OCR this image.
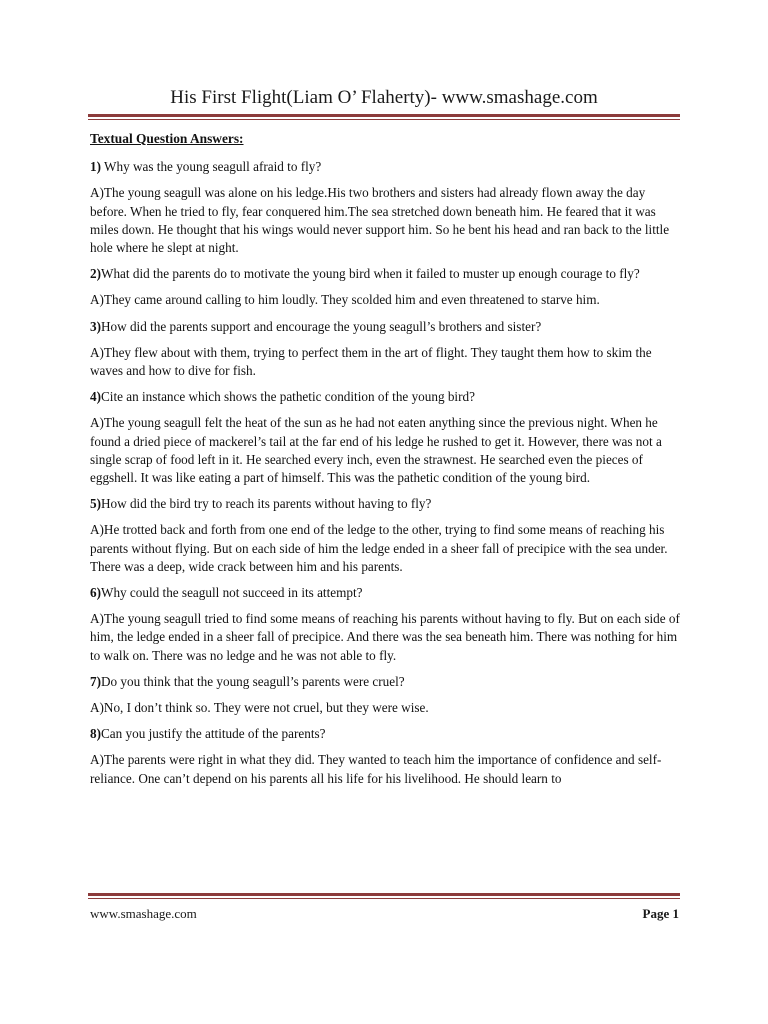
His First Flight(Liam O’ Flaherty)- www.smashage.com

Textual Question Answers:

1) Why was the young seagull afraid to fly?

A)The young seagull was alone on his ledge.His two brothers and sisters had already flown away the day before. When he tried to fly, fear conquered him.The sea stretched down beneath him. He feared that it was miles down. He thought that his wings would never support him. So he bent his head and ran back to the little hole where he slept at night.

2)What did the parents do to motivate the young bird when it failed to muster up enough courage to fly?

A)They came around calling to him loudly. They scolded him and even threatened to starve him.

3)How did the parents support and encourage the young seagull’s brothers and sister?

A)They flew about with them, trying to perfect them in the art of flight. They taught them how to skim the waves and how to dive for fish.

4)Cite an instance which shows the pathetic condition of the young bird?

A)The young seagull felt the heat of the sun as he had not eaten anything since the previous night. When he found a dried piece of mackerel’s tail at the far end of his ledge he rushed to get it. However, there was not a single scrap of food left in it. He searched every inch, even the strawnest. He searched even the pieces of eggshell. It was like eating a part of himself. This was the pathetic condition of the young bird.

5)How did the bird try to reach its parents without having to fly?

A)He trotted back and forth from one end of the ledge to the other, trying to find some means of reaching his parents without flying. But on each side of him the ledge ended in a sheer fall of precipice with the sea under. There was a deep, wide crack between him and his parents.

6)Why could the seagull not succeed in its attempt?

A)The young seagull tried to find some means of reaching his parents without having to fly. But on each side of him, the ledge ended in a sheer fall of precipice. And there was the sea beneath him. There was nothing for him to walk on. There was no ledge and he was not able to fly.

7)Do you think that the young seagull’s parents were cruel?

A)No, I don’t think so. They were not cruel, but they were wise.

8)Can you justify the attitude of the parents?

A)The parents were right in what they did. They wanted to teach him the importance of confidence and self-reliance. One can’t depend on his parents all his life for his livelihood. He should learn to

www.smashage.com	Page 1
